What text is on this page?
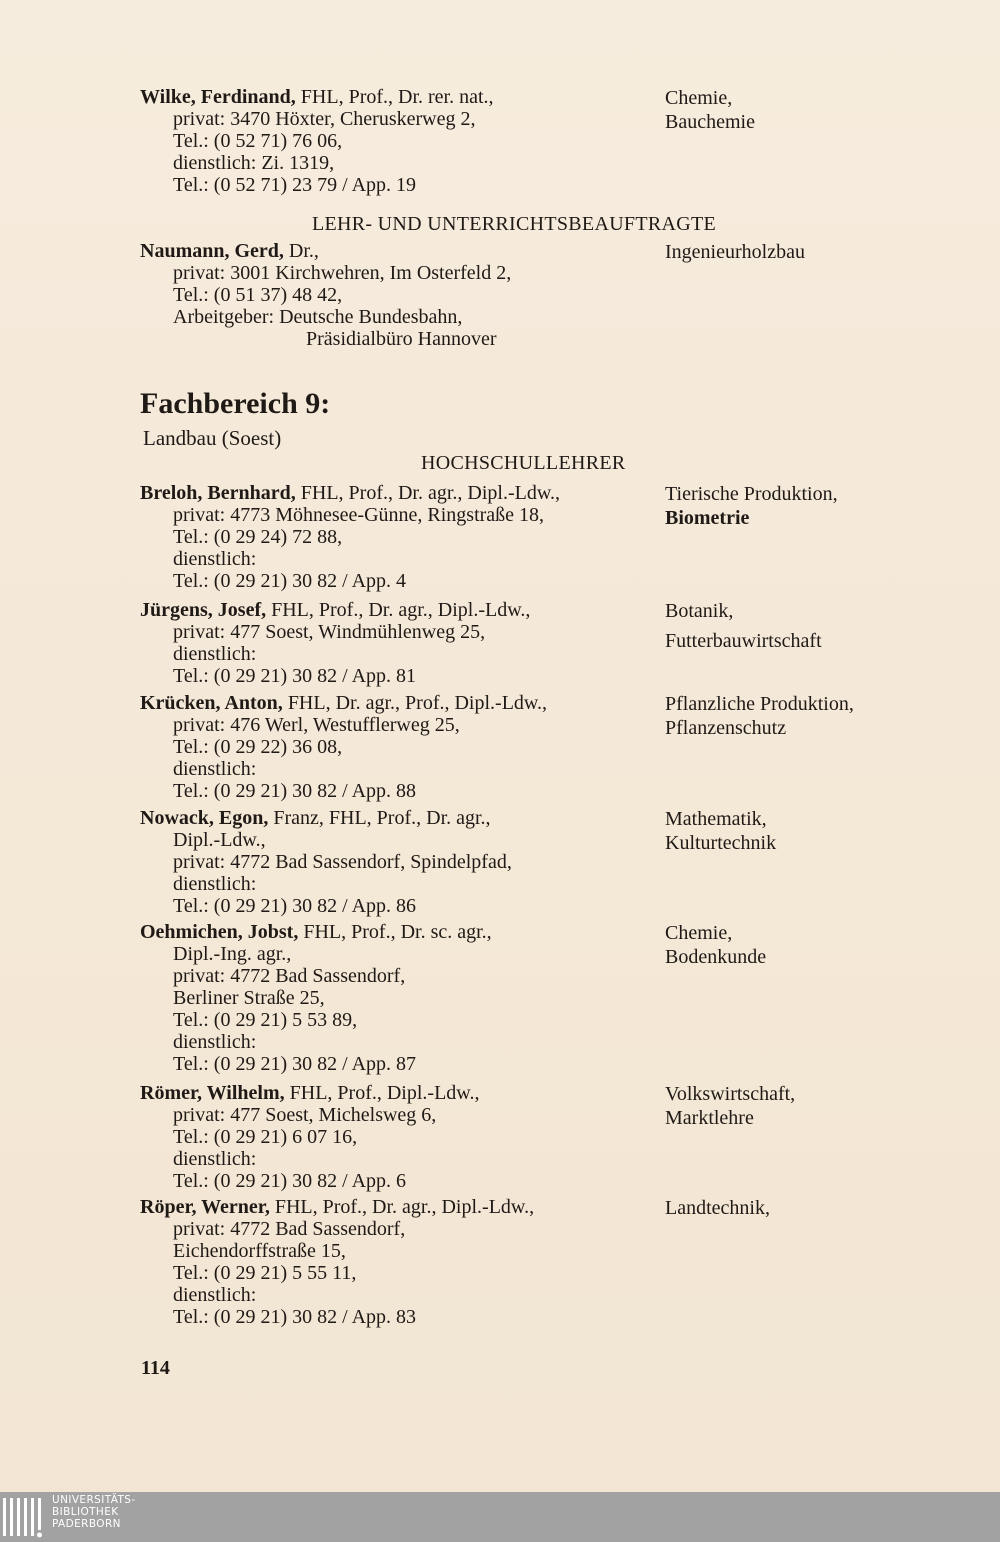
Wilke, Ferdinand, FHL, Prof., Dr. rer. nat.,
privat: 3470 Höxter, Cheruskerweg 2,
Tel.: (0 52 71) 76 06,
dienstlich: Zi. 1319,
Tel.: (0 52 71) 23 79 / App. 19
Chemie,
Bauchemie
LEHR- UND UNTERRICHTSBEAUFTRAGTE
Naumann, Gerd, Dr.,
privat: 3001 Kirchwehren, Im Osterfeld 2,
Tel.: (0 51 37) 48 42,
Arbeitgeber: Deutsche Bundesbahn,
Präsidialbüro Hannover
Ingenieurholzbau
Fachbereich 9:
Landbau (Soest)
HOCHSCHULLEHRER
Breloh, Bernhard, FHL, Prof., Dr. agr., Dipl.-Ldw.,
privat: 4773 Möhnesee-Günne, Ringstraße 18,
Tel.: (0 29 24) 72 88,
dienstlich:
Tel.: (0 29 21) 30 82 / App. 4
Tierische Produktion,
Biometrie
Jürgens, Josef, FHL, Prof., Dr. agr., Dipl.-Ldw.,
privat: 477 Soest, Windmühlenweg 25,
dienstlich:
Tel.: (0 29 21) 30 82 / App. 81
Botanik,
Futterbauwirtschaft
Krücken, Anton, FHL, Dr. agr., Prof., Dipl.-Ldw.,
privat: 476 Werl, Westufflerweg 25,
Tel.: (0 29 22) 36 08,
dienstlich:
Tel.: (0 29 21) 30 82 / App. 88
Pflanzliche Produktion,
Pflanzenschutz
Nowack, Egon, Franz, FHL, Prof., Dr. agr.,
Dipl.-Ldw.,
privat: 4772 Bad Sassendorf, Spindelpfad,
dienstlich:
Tel.: (0 29 21) 30 82 / App. 86
Mathematik,
Kulturtechnik
Oehmichen, Jobst, FHL, Prof., Dr. sc. agr.,
Dipl.-Ing. agr.,
privat: 4772 Bad Sassendorf,
Berliner Straße 25,
Tel.: (0 29 21) 5 53 89,
dienstlich:
Tel.: (0 29 21) 30 82 / App. 87
Chemie,
Bodenkunde
Römer, Wilhelm, FHL, Prof., Dipl.-Ldw.,
privat: 477 Soest, Michelsweg 6,
Tel.: (0 29 21) 6 07 16,
dienstlich:
Tel.: (0 29 21) 30 82 / App. 6
Volkswirtschaft,
Marktlehre
Röper, Werner, FHL, Prof., Dr. agr., Dipl.-Ldw.,
privat: 4772 Bad Sassendorf,
Eichendorffstraße 15,
Tel.: (0 29 21) 5 55 11,
dienstlich:
Tel.: (0 29 21) 30 82 / App. 83
Landtechnik,
114
UNIVERSITÄTS-
BIBLIOTHEK
PADERBORN
